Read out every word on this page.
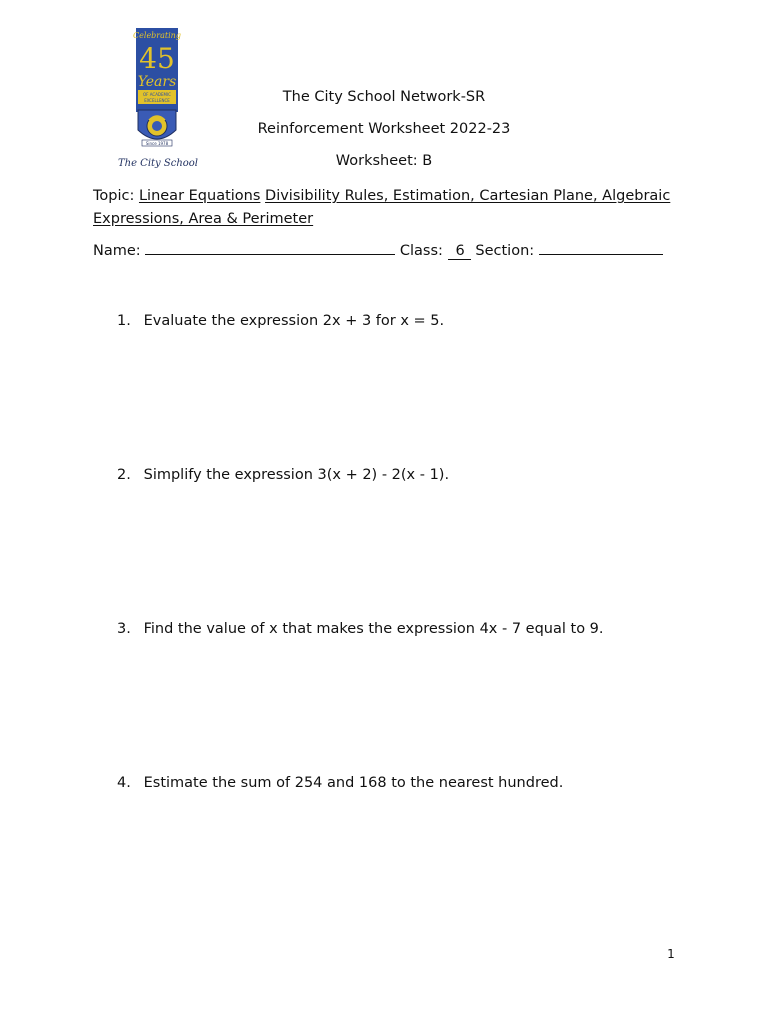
Celebrating
45
Years
OF ACADEMIC
EXCELLENCE
Since 1978
The City School
The City School Network-SR
Reinforcement Worksheet 2022-23
Worksheet: B
Topic: Linear Equations Divisibility Rules, Estimation, Cartesian Plane, Algebraic
Expressions, Area & Perimeter
Name:	Class: 6 Section:
1. Evaluate the expression 2x + 3 for x = 5.
2. Simplify the expression 3(x + 2) - 2(x - 1).
3. Find the value of x that makes the expression 4x - 7 equal to 9.
4. Estimate the sum of 254 and 168 to the nearest hundred.
1
